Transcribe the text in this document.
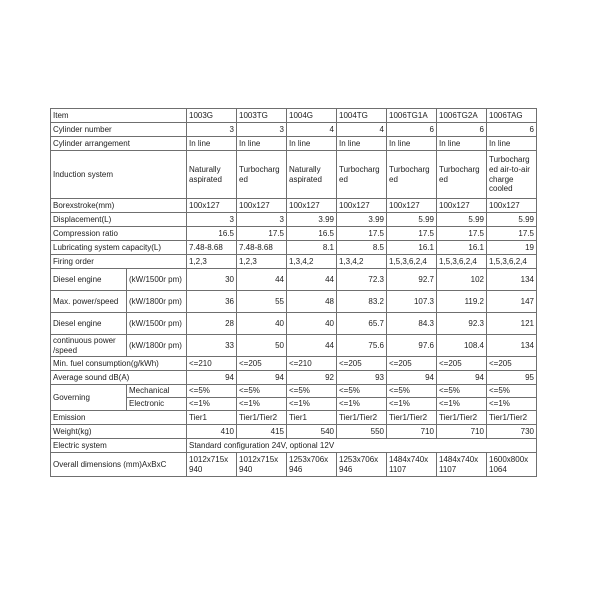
Item		1003G	1003TG	1004G	1004TG	1006TG1A	1006TG2A	1006TAG
Cylinder number		3	3	4	4	6	6	6
Cylinder arrangement		In line	In line	In line	In line	In line	In line	In line
Induction system		Naturally aspirated	Turbocharg ed	Naturally aspirated	Turbocharg ed	Turbocharg ed	Turbocharg ed	Turbocharg ed air-to-air charge cooled
Borexstroke(mm)		100x127	100x127	100x127	100x127	100x127	100x127	100x127
Displacement(L)		3	3	3.99	3.99	5.99	5.99	5.99
Compression ratio		16.5	17.5	16.5	17.5	17.5	17.5	17.5
Lubricating system capacity(L)		7.48-8.68	7.48-8.68	8.1	8.5	16.1	16.1	19
Firing order		1,2,3	1,2,3	1,3,4,2	1,3,4,2	1,5,3,6,2,4	1,5,3,6,2,4	1,5,3,6,2,4
Diesel engine	(kW/1500r pm)	30	44	44	72.3	92.7	102	134
Max. power/speed	(kW/1800r pm)	36	55	48	83.2	107.3	119.2	147
Diesel engine	(kW/1500r pm)	28	40	40	65.7	84.3	92.3	121
continuous power /speed	(kW/1800r pm)	33	50	44	75.6	97.6	108.4	134
Min. fuel consumption(g/kWh)		<=210	<=205	<=210	<=205	<=205	<=205	<=205
Average sound dB(A)		94	94	92	93	94	94	95
Governing	Mechanical	<=5%	<=5%	<=5%	<=5%	<=5%	<=5%	<=5%
	Electronic	<=1%	<=1%	<=1%	<=1%	<=1%	<=1%	<=1%
Emission		Tier1	Tier1/Tier2	Tier1	Tier1/Tier2	Tier1/Tier2	Tier1/Tier2	Tier1/Tier2
Weight(kg)		410	415	540	550	710	710	730
Electric system		Standard configuration 24V, optional 12V						
Overall dimensions (mm)AxBxC		1012x715x 940	1012x715x 940	1253x706x 946	1253x706x 946	1484x740x 1107	1484x740x 1107	1600x800x 1064
